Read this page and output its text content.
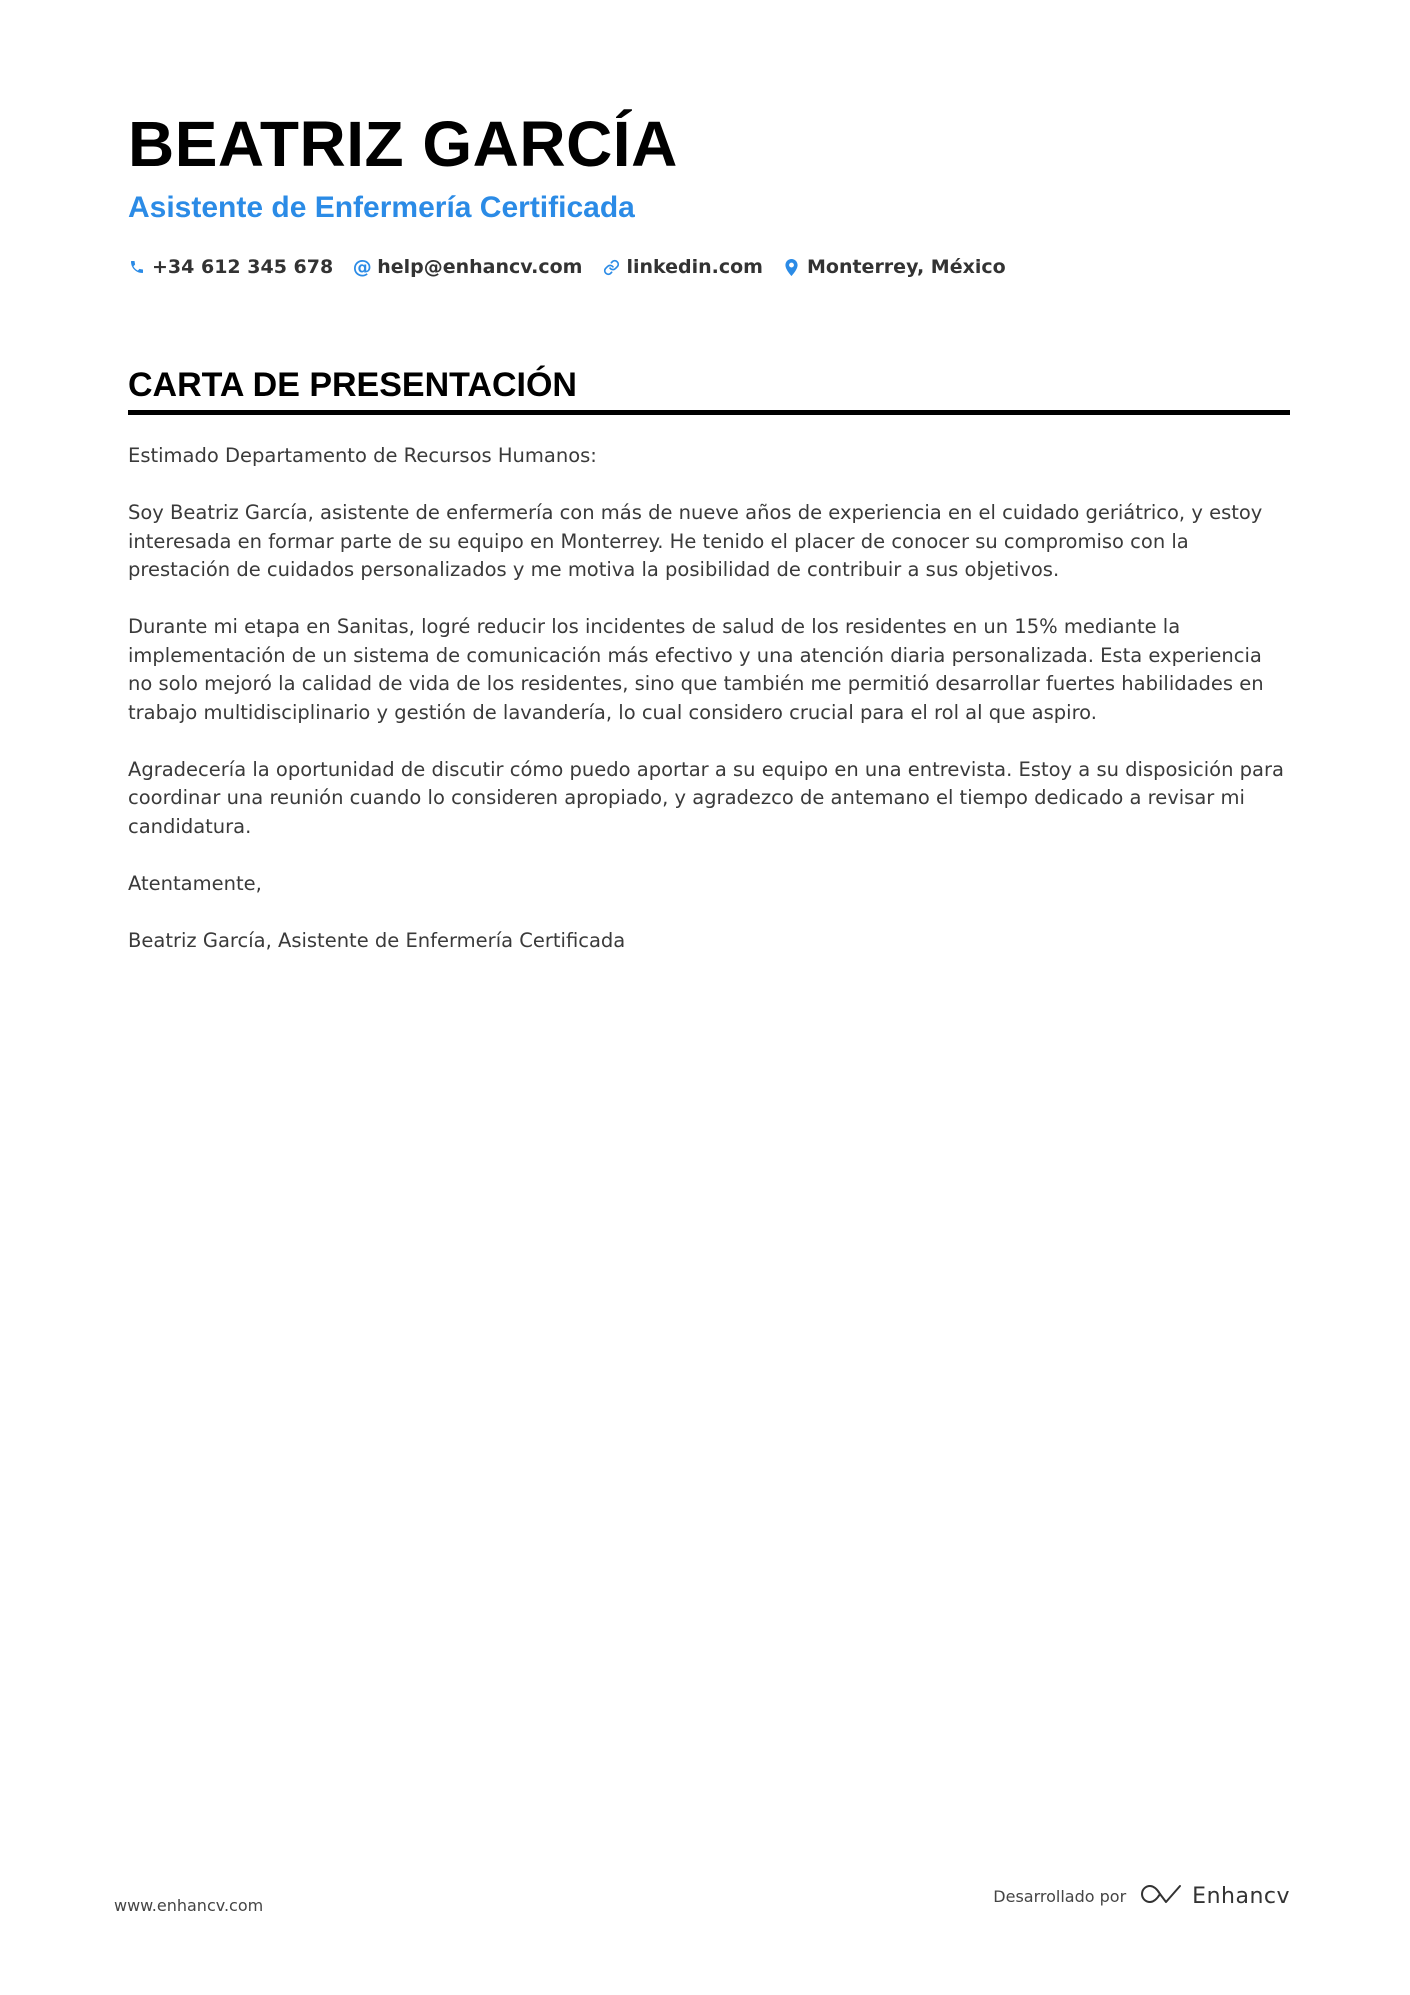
BEATRIZ GARCÍA
Asistente de Enfermería Certificada
+34 612 345 678 @ help@enhancv.com linkedin.com Monterrey, México
CARTA DE PRESENTACIÓN

Estimado Departamento de Recursos Humanos:

Soy Beatriz García, asistente de enfermería con más de nueve años de experiencia en el cuidado geriátrico, y estoy interesada en formar parte de su equipo en Monterrey. He tenido el placer de conocer su compromiso con la prestación de cuidados personalizados y me motiva la posibilidad de contribuir a sus objetivos.

Durante mi etapa en Sanitas, logré reducir los incidentes de salud de los residentes en un 15% mediante la implementación de un sistema de comunicación más efectivo y una atención diaria personalizada. Esta experiencia no solo mejoró la calidad de vida de los residentes, sino que también me permitió desarrollar fuertes habilidades en trabajo multidisciplinario y gestión de lavandería, lo cual considero crucial para el rol al que aspiro.

Agradecería la oportunidad de discutir cómo puedo aportar a su equipo en una entrevista. Estoy a su disposición para coordinar una reunión cuando lo consideren apropiado, y agradezco de antemano el tiempo dedicado a revisar mi candidatura.

Atentamente,

Beatriz García, Asistente de Enfermería Certificada

www.enhancv.com	Desarrollado por	Enhancv
